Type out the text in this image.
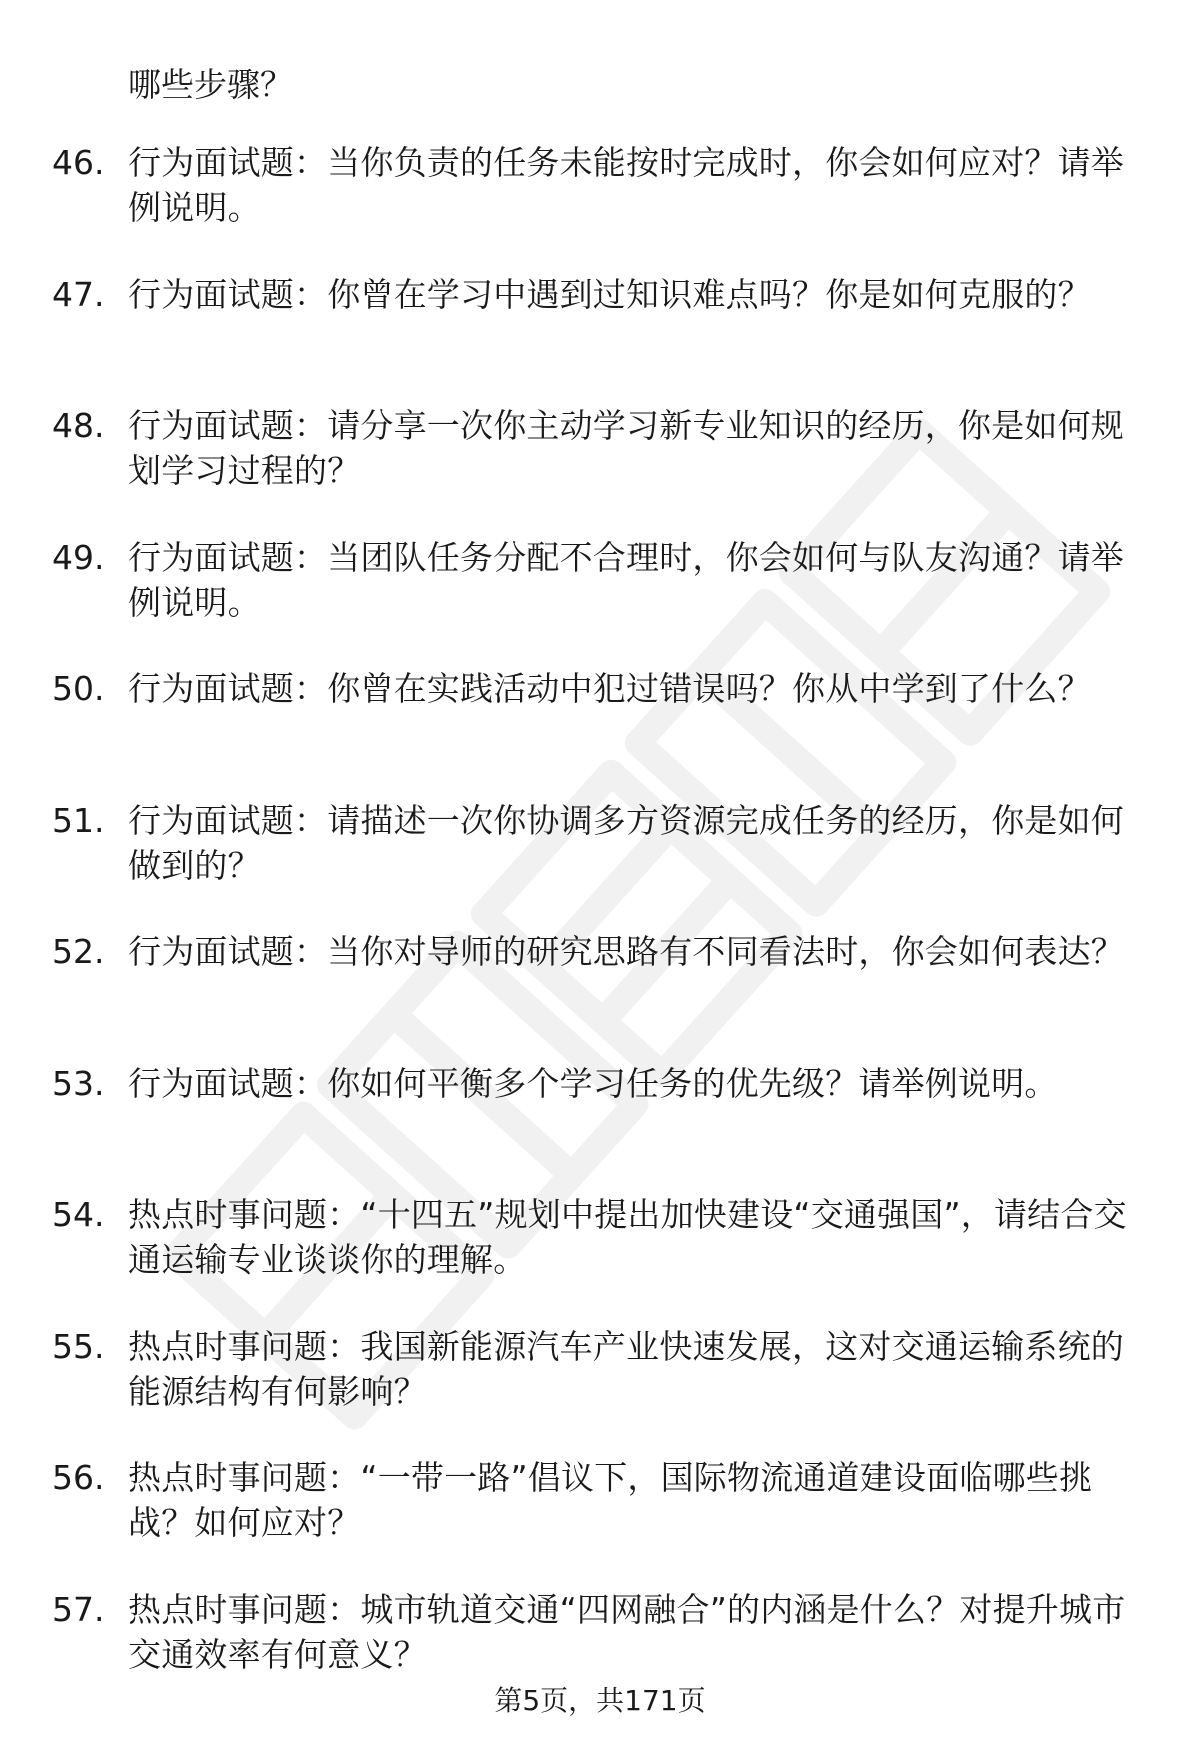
哪些步骤？
46. 行为面试题：当你负责的任务未能按时完成时，你会如何应对？请举例说明。
47. 行为面试题：你曾在学习中遇到过知识难点吗？你是如何克服的？
48. 行为面试题：请分享一次你主动学习新专业知识的经历，你是如何规划学习过程的？
49. 行为面试题：当团队任务分配不合理时，你会如何与队友沟通？请举例说明。
50. 行为面试题：你曾在实践活动中犯过错误吗？你从中学到了什么？
51. 行为面试题：请描述一次你协调多方资源完成任务的经历，你是如何做到的？
52. 行为面试题：当你对导师的研究思路有不同看法时，你会如何表达？
53. 行为面试题：你如何平衡多个学习任务的优先级？请举例说明。
54. 热点时事问题：“十四五”规划中提出加快建设“交通强国”，请结合交通运输专业谈谈你的理解。
55. 热点时事问题：我国新能源汽车产业快速发展，这对交通运输系统的能源结构有何影响？
56. 热点时事问题：“一带一路”倡议下，国际物流通道建设面临哪些挑战？如何应对？
57. 热点时事问题：城市轨道交通“四网融合”的内涵是什么？对提升城市交通效率有何意义？
第5页，共171页
